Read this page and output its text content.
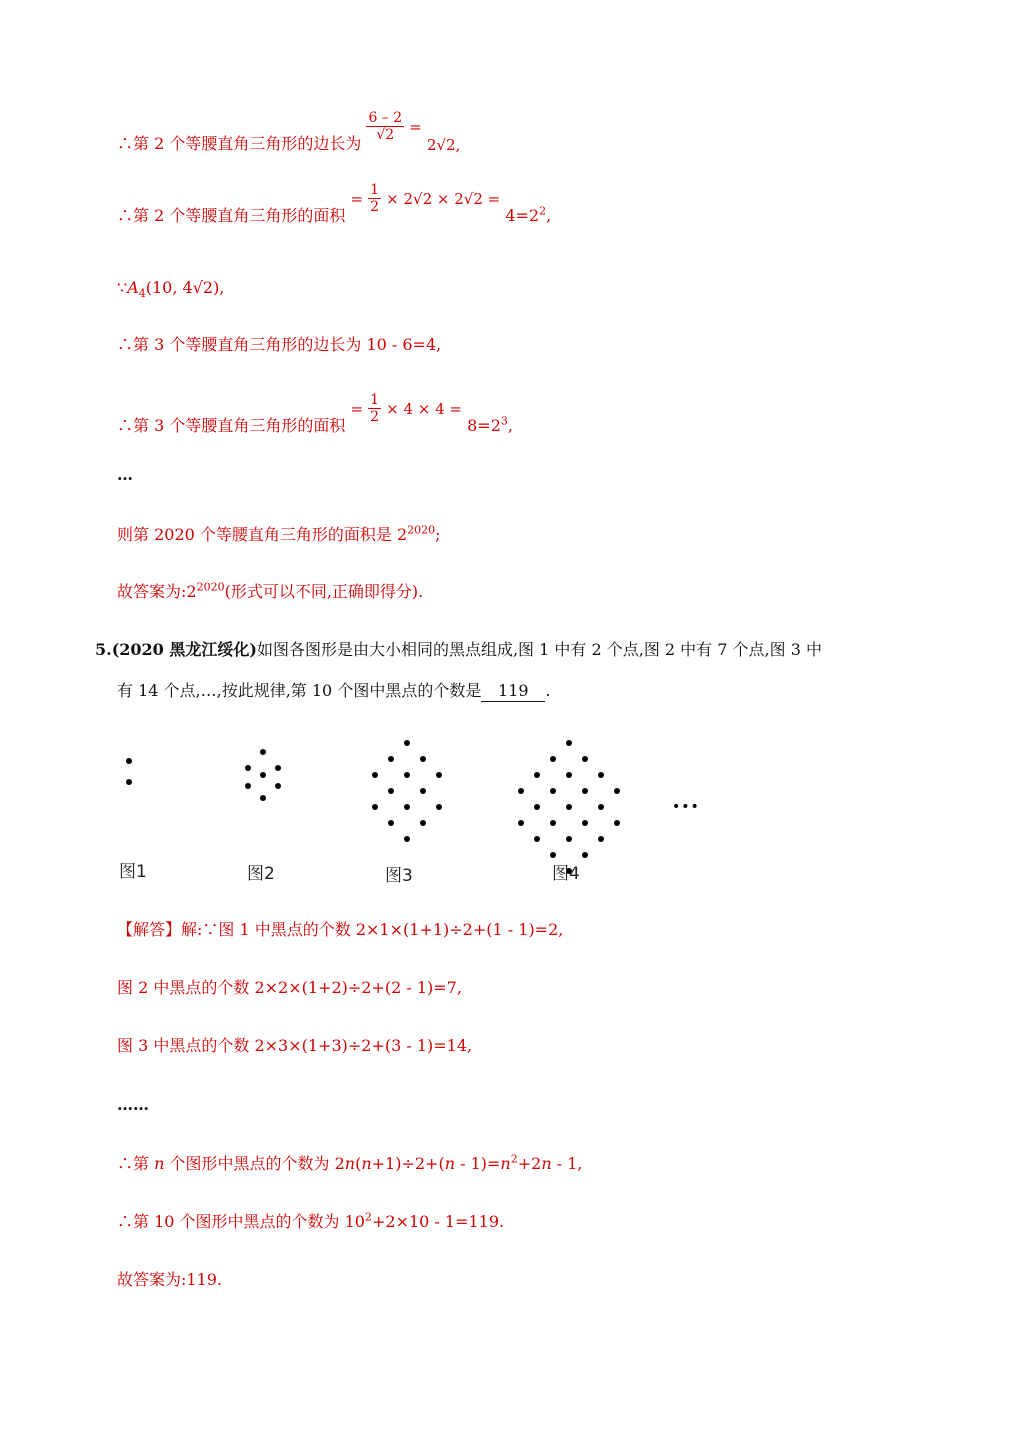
∴第 2 个等腰直角三角形的边长为
$\frac{6 - 2}{√2} = 2√2$,
∴第 2 个等腰直角三角形的面积 = $\frac{1}{2} \times 2√2 \times 2√2 = 4=2^2$,
$\because A_4(10$, 4√2),
∴第 3 个等腰直角三角形的边长为 10 ‐ 6=4,
∴第 3 个等腰直角三角形的面积 = $\frac{1}{2} \times 4 \times 4 = 8=2^3$,
…
则第 2020 个等腰直角三角形的面积是 $2^{2020}$;
故答案为$:2^{2020}$(形式可以不同,正确即得分).
5.(2020 黑龙江绥化)如图各图形是由大小相同的黑点组成,图 1 中有 2 个点,图 2 中有 7 个点,图 3 中
有 14 个点,…,按此规律,第 10 个图中黑点的个数是 119 .
图1	图2	图3	图4
•••
【解答】解:∵图 1 中黑点的个数 2×1×(1+1)÷2+(1 ‐ 1)=2,
图 2 中黑点的个数 2×2×(1+2)÷2+(2 ‐ 1)=7,
图 3 中黑点的个数 2×3×(1+3)÷2+(3 ‐ 1)=14,
……
∴第 n 个图形中黑点的个数为 2n(n+1)÷2+(n ‐ $1)=n^2+2n$ ‐ 1,
∴第 10 个图形中黑点的个数为 $10^2+2\times 10$ ‐ 1=119.
故答案为:119.
